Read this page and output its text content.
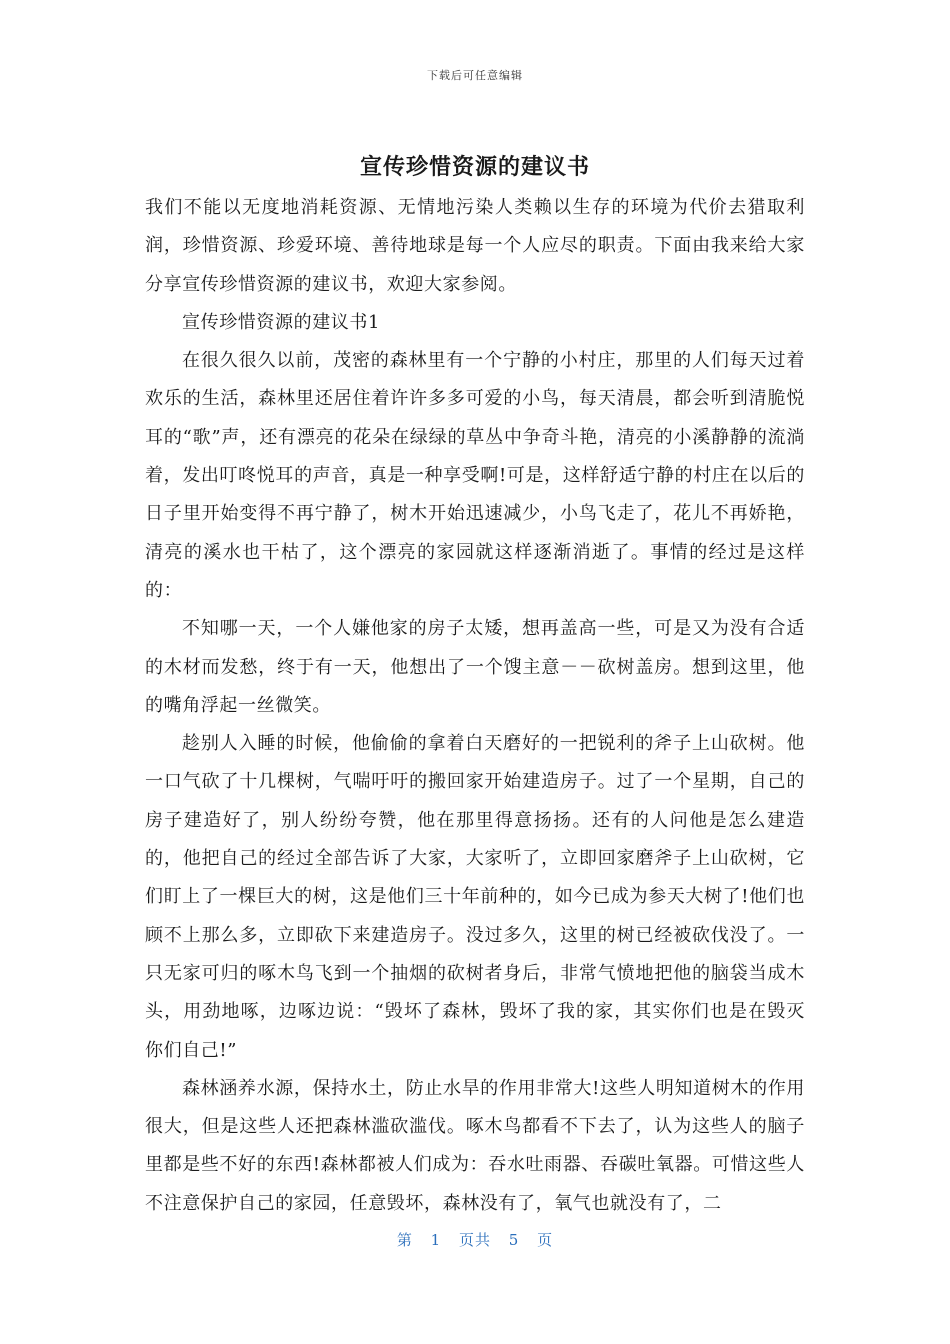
下载后可任意编辑
宣传珍惜资源的建议书

我们不能以无度地消耗资源、无情地污染人类赖以生存的环境为代价去猎取利润，珍惜资源、珍爱环境、善待地球是每一个人应尽的职责。下面由我来给大家分享宣传珍惜资源的建议书，欢迎大家参阅。

宣传珍惜资源的建议书1

在很久很久以前，茂密的森林里有一个宁静的小村庄，那里的人们每天过着欢乐的生活，森林里还居住着许许多多可爱的小鸟，每天清晨，都会听到清脆悦耳的“歌”声，还有漂亮的花朵在绿绿的草丛中争奇斗艳，清亮的小溪静静的流淌着，发出叮咚悦耳的声音，真是一种享受啊!可是，这样舒适宁静的村庄在以后的日子里开始变得不再宁静了，树木开始迅速减少，小鸟飞走了，花儿不再娇艳，清亮的溪水也干枯了，这个漂亮的家园就这样逐渐消逝了。事情的经过是这样的：

不知哪一天，一个人嫌他家的房子太矮，想再盖高一些，可是又为没有合适的木材而发愁，终于有一天，他想出了一个馊主意－－砍树盖房。想到这里，他的嘴角浮起一丝微笑。

趁别人入睡的时候，他偷偷的拿着白天磨好的一把锐利的斧子上山砍树。他一口气砍了十几棵树，气喘吁吁的搬回家开始建造房子。过了一个星期，自己的房子建造好了，别人纷纷夸赞，他在那里得意扬扬。还有的人问他是怎么建造的，他把自己的经过全部告诉了大家，大家听了，立即回家磨斧子上山砍树，它们盯上了一棵巨大的树，这是他们三十年前种的，如今已成为参天大树了!他们也顾不上那么多，立即砍下来建造房子。没过多久，这里的树已经被砍伐没了。一只无家可归的啄木鸟飞到一个抽烟的砍树者身后，非常气愤地把他的脑袋当成木头，用劲地啄，边啄边说：“毁坏了森林，毁坏了我的家，其实你们也是在毁灭你们自己!”

森林涵养水源，保持水土，防止水旱的作用非常大!这些人明知道树木的作用很大，但是这些人还把森林滥砍滥伐。啄木鸟都看不下去了，认为这些人的脑子里都是些不好的东西!森林都被人们成为：吞水吐雨器、吞碳吐氧器。可惜这些人不注意保护自己的家园，任意毁坏，森林没有了，氧气也就没有了，二

第 1 页共 5 页
